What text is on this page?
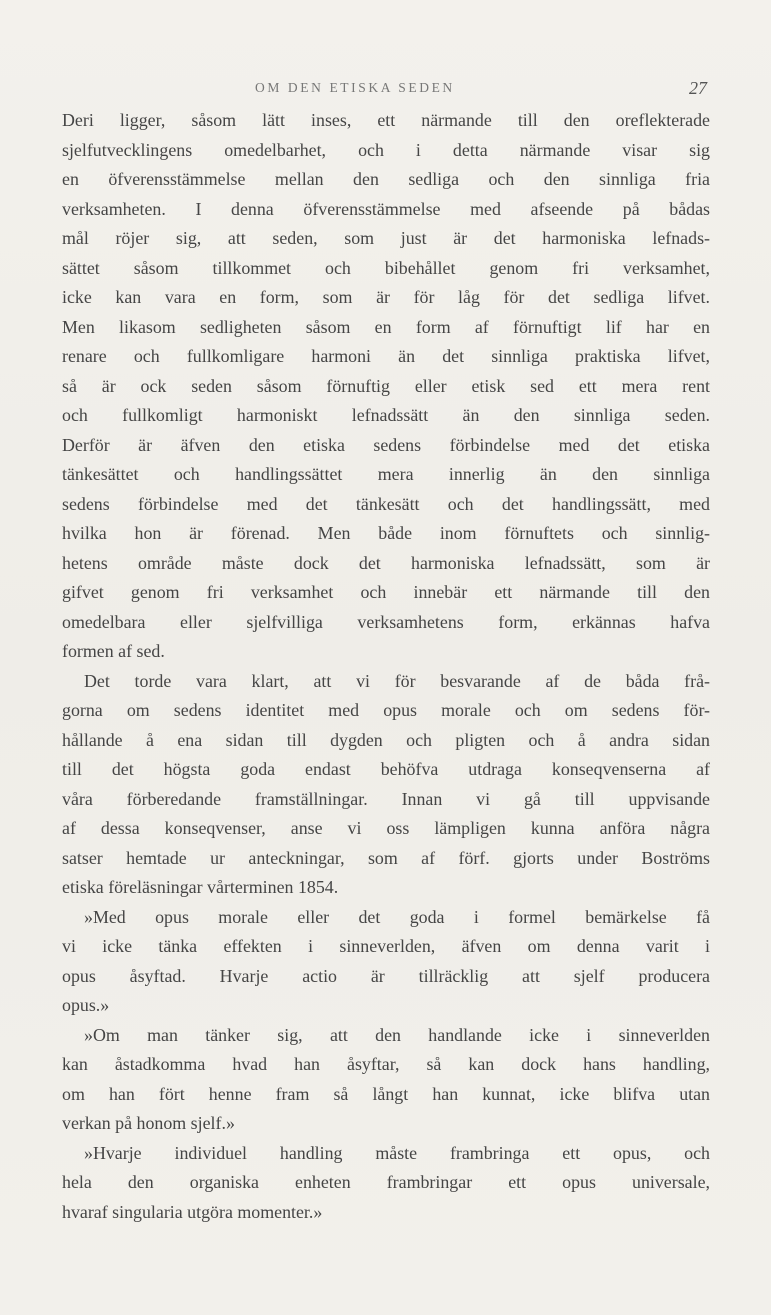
OM DEN ETISKA SEDEN	27
Deri ligger, såsom lätt inses, ett närmande till den oreflekterade
sjelfutvecklingens omedelbarhet, och i detta närmande visar sig
en öfverensstämmelse mellan den sedliga och den sinnliga fria
verksamheten. I denna öfverensstämmelse med afseende på bådas
mål röjer sig, att seden, som just är det harmoniska lefnads-
sättet såsom tillkommet och bibehållet genom fri verksamhet,
icke kan vara en form, som är för låg för det sedliga lifvet.
Men likasom sedligheten såsom en form af förnuftigt lif har en
renare och fullkomligare harmoni än det sinnliga praktiska lifvet,
så är ock seden såsom förnuftig eller etisk sed ett mera rent
och fullkomligt harmoniskt lefnadssätt än den sinnliga seden.
Derför är äfven den etiska sedens förbindelse med det etiska
tänkesättet och handlingssättet mera innerlig än den sinnliga
sedens förbindelse med det tänkesätt och det handlingssätt, med
hvilka hon är förenad. Men både inom förnuftets och sinnlig-
hetens område måste dock det harmoniska lefnadssätt, som är
gifvet genom fri verksamhet och innebär ett närmande till den
omedelbara eller sjelfvilliga verksamhetens form, erkännas hafva
formen af sed.
Det torde vara klart, att vi för besvarande af de båda frå-
gorna om sedens identitet med opus morale och om sedens för-
hållande å ena sidan till dygden och pligten och å andra sidan
till det högsta goda endast behöfva utdraga konseqvenserna af
våra förberedande framställningar. Innan vi gå till uppvisande
af dessa konseqvenser, anse vi oss lämpligen kunna anföra några
satser hemtade ur anteckningar, som af förf. gjorts under Boströms
etiska föreläsningar vårterminen 1854.
»Med opus morale eller det goda i formel bemärkelse få
vi icke tänka effekten i sinneverlden, äfven om denna varit i
opus åsyftad. Hvarje actio är tillräcklig att sjelf producera
opus.»
»Om man tänker sig, att den handlande icke i sinneverlden
kan åstadkomma hvad han åsyftar, så kan dock hans handling,
om han fört henne fram så långt han kunnat, icke blifva utan
verkan på honom sjelf.»
»Hvarje individuel handling måste frambringa ett opus, och
hela den organiska enheten frambringar ett opus universale,
hvaraf singularia utgöra momenter.»
